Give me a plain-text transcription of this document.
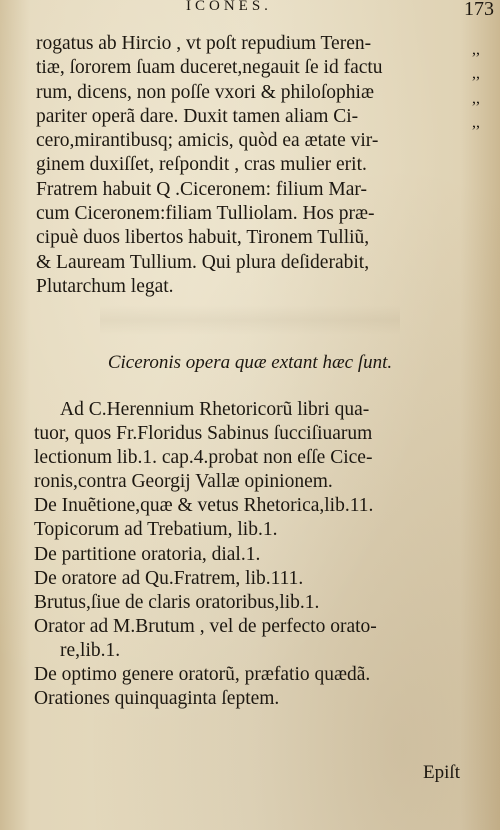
ICONES.	173
rogatus ab Hircio , vt poſt repudium Teren-
tiæ, ſororem ſuam duceret,negauit ſe id factu
rum, dicens, non poſſe vxori & philoſophiæ
pariter operã dare. Duxit tamen aliam Ci-
cero,mirantibusq; amicis, quòd ea ætate vir-
ginem duxiſſet, reſpondit , cras mulier erit.
Fratrem habuit Q .Ciceronem: filium Mar-
cum Ciceronem:filiam Tulliolam. Hos præ-
cipuè duos libertos habuit, Tironem Tulliũ,
& Lauream Tullium. Qui plura deſiderabit,
Plutarchum legat.
,,
,,
,,
,,
Ciceronis opera quæ extant hæc ſunt.
Ad C.Herennium Rhetoricorũ libri qua-
tuor, quos Fr.Floridus Sabinus ſucciſiuarum
lectionum lib.1. cap.4.probat non eſſe Cice-
ronis,contra Georgij Vallæ opinionem.
De Inuẽtione,quæ & vetus Rhetorica,lib.11.
Topicorum ad Trebatium, lib.1.
De partitione oratoria, dial.1.
De oratore ad Qu.Fratrem, lib.111.
Brutus,ſiue de claris oratoribus,lib.1.
Orator ad M.Brutum , vel de perfecto orato-
re,lib.1.
De optimo genere oratorũ, præfatio quædã.
Orationes quinquaginta ſeptem.
Epiſt
